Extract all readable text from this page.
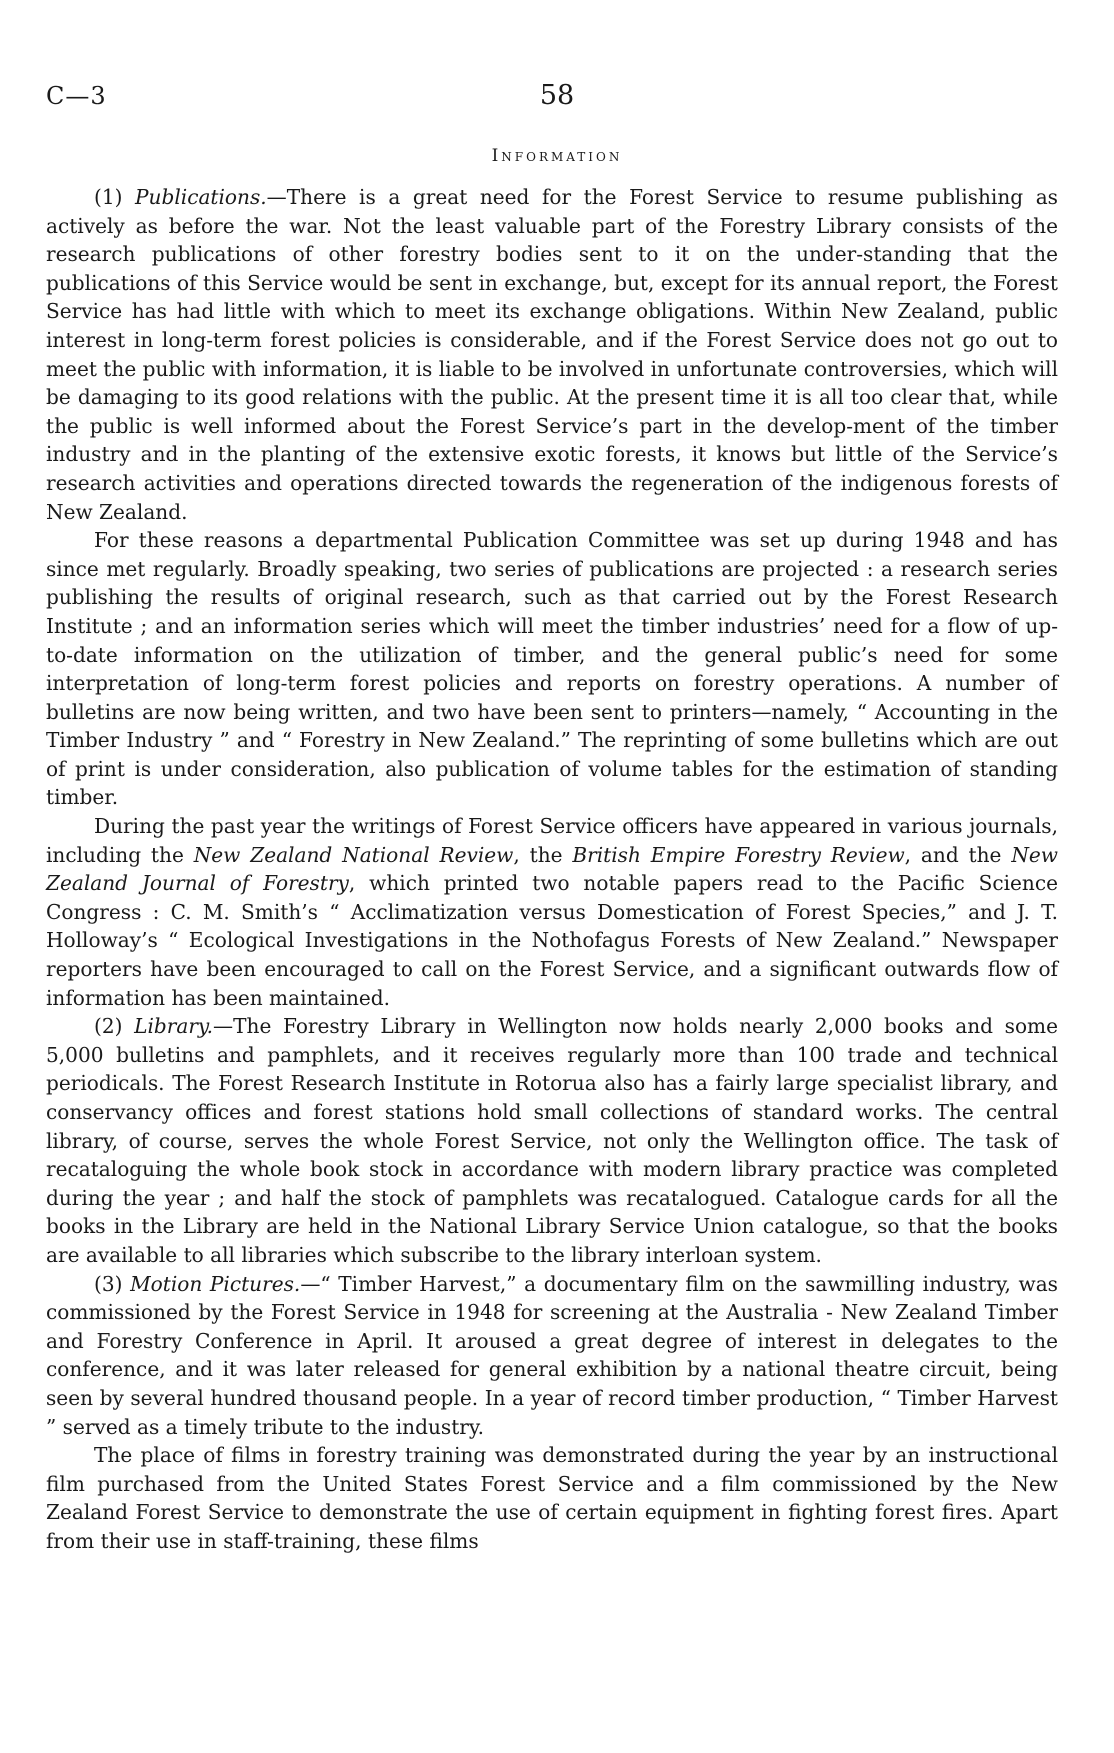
C—3	58
Information

(1) Publications.—There is a great need for the Forest Service to resume publishing as actively as before the war. Not the least valuable part of the Forestry Library consists of the research publications of other forestry bodies sent to it on the under-standing that the publications of this Service would be sent in exchange, but, except for its annual report, the Forest Service has had little with which to meet its exchange obligations. Within New Zealand, public interest in long-term forest policies is considerable, and if the Forest Service does not go out to meet the public with information, it is liable to be involved in unfortunate controversies, which will be damaging to its good relations with the public. At the present time it is all too clear that, while the public is well informed about the Forest Service’s part in the develop-ment of the timber industry and in the planting of the extensive exotic forests, it knows but little of the Service’s research activities and operations directed towards the regeneration of the indigenous forests of New Zealand.

For these reasons a departmental Publication Committee was set up during 1948 and has since met regularly. Broadly speaking, two series of publications are projected : a research series publishing the results of original research, such as that carried out by the Forest Research Institute ; and an information series which will meet the timber industries’ need for a flow of up-to-date information on the utilization of timber, and the general public’s need for some interpretation of long-term forest policies and reports on forestry operations. A number of bulletins are now being written, and two have been sent to printers—namely, “ Accounting in the Timber Industry ” and “ Forestry in New Zealand.” The reprinting of some bulletins which are out of print is under consideration, also publication of volume tables for the estimation of standing timber.

During the past year the writings of Forest Service officers have appeared in various journals, including the New Zealand National Review, the British Empire Forestry Review, and the New Zealand Journal of Forestry, which printed two notable papers read to the Pacific Science Congress : C. M. Smith’s “ Acclimatization versus Domestication of Forest Species,” and J. T. Holloway’s “ Ecological Investigations in the Nothofagus Forests of New Zealand.” Newspaper reporters have been encouraged to call on the Forest Service, and a significant outwards flow of information has been maintained.

(2) Library.—The Forestry Library in Wellington now holds nearly 2,000 books and some 5,000 bulletins and pamphlets, and it receives regularly more than 100 trade and technical periodicals. The Forest Research Institute in Rotorua also has a fairly large specialist library, and conservancy offices and forest stations hold small collections of standard works. The central library, of course, serves the whole Forest Service, not only the Wellington office. The task of recataloguing the whole book stock in accordance with modern library practice was completed during the year ; and half the stock of pamphlets was recatalogued. Catalogue cards for all the books in the Library are held in the National Library Service Union catalogue, so that the books are available to all libraries which subscribe to the library interloan system.

(3) Motion Pictures.—“ Timber Harvest,” a documentary film on the sawmilling industry, was commissioned by the Forest Service in 1948 for screening at the Australia - New Zealand Timber and Forestry Conference in April. It aroused a great degree of interest in delegates to the conference, and it was later released for general exhibition by a national theatre circuit, being seen by several hundred thousand people. In a year of record timber production, “ Timber Harvest ” served as a timely tribute to the industry.

The place of films in forestry training was demonstrated during the year by an instructional film purchased from the United States Forest Service and a film commissioned by the New Zealand Forest Service to demonstrate the use of certain equipment in fighting forest fires. Apart from their use in staff-training, these films
